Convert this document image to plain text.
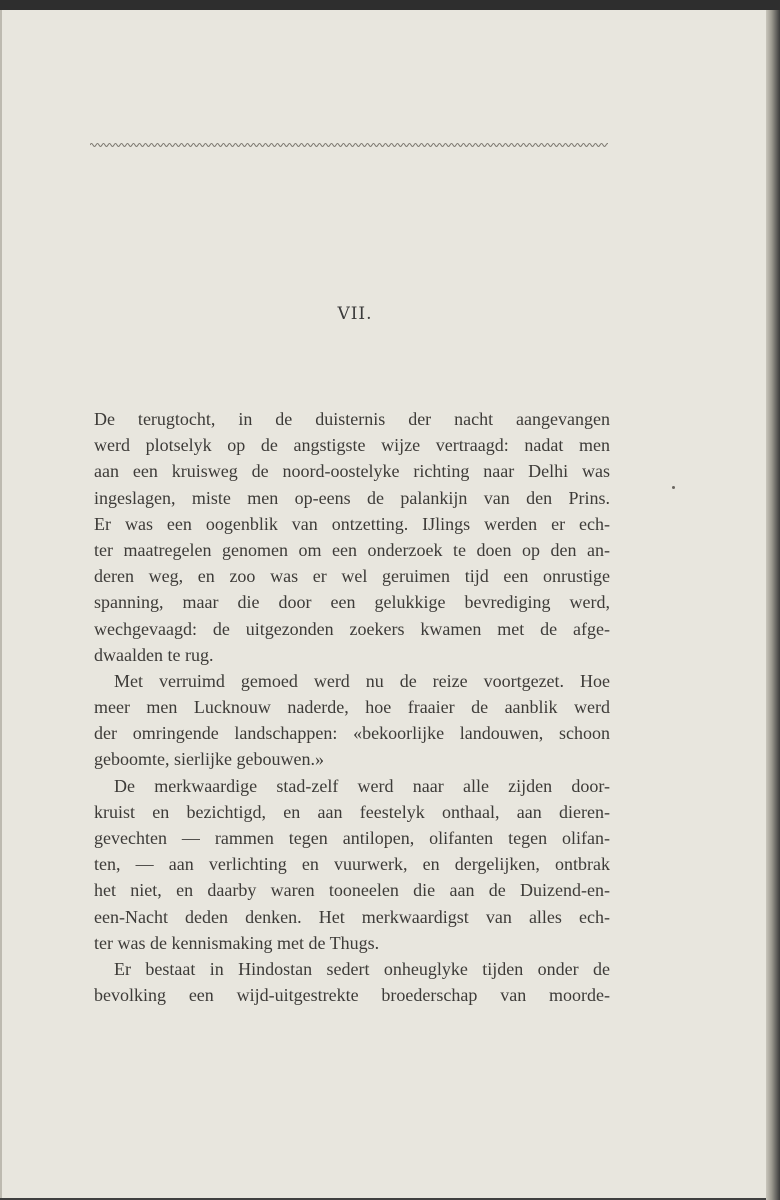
VII.
De terugtocht, in de duisternis der nacht aangevangen
werd plotselyk op de angstigste wijze vertraagd: nadat men
aan een kruisweg de noord-oostelyke richting naar Delhi was
ingeslagen, miste men op-eens de palankijn van den Prins.
Er was een oogenblik van ontzetting. IJlings werden er ech-
ter maatregelen genomen om een onderzoek te doen op den an-
deren weg, en zoo was er wel geruimen tijd een onrustige
spanning, maar die door een gelukkige bevrediging werd,
wechgevaagd: de uitgezonden zoekers kwamen met de afge-
dwaalden te rug.
Met verruimd gemoed werd nu de reize voortgezet. Hoe
meer men Lucknouw naderde, hoe fraaier de aanblik werd
der omringende landschappen: «bekoorlijke landouwen, schoon
geboomte, sierlijke gebouwen.»
De merkwaardige stad-zelf werd naar alle zijden door-
kruist en bezichtigd, en aan feestelyk onthaal, aan dieren-
gevechten — rammen tegen antilopen, olifanten tegen olifan-
ten, — aan verlichting en vuurwerk, en dergelijken, ontbrak
het niet, en daarby waren tooneelen die aan de Duizend-en-
een-Nacht deden denken. Het merkwaardigst van alles ech-
ter was de kennismaking met de Thugs.
Er bestaat in Hindostan sedert onheuglyke tijden onder de
bevolking een wijd-uitgestrekte broederschap van moorde-
